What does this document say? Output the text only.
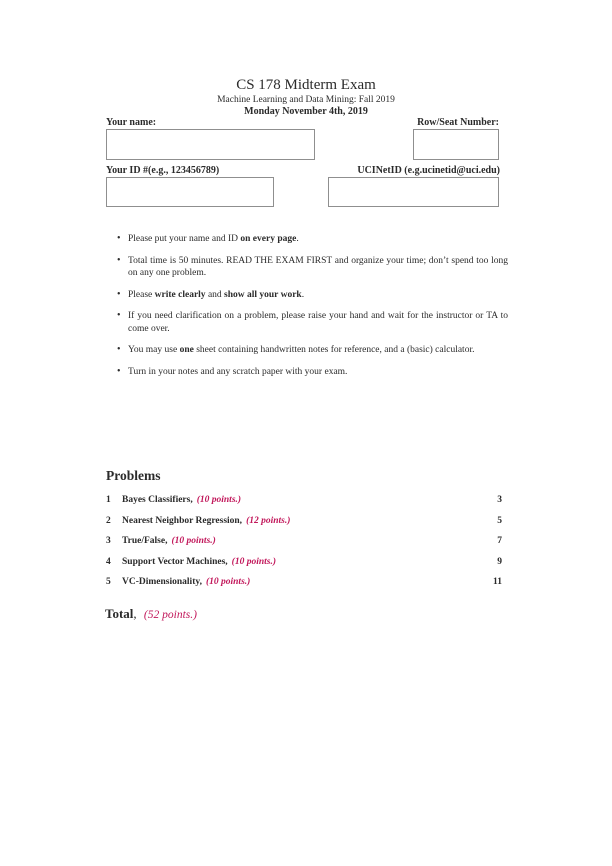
CS 178 Midterm Exam
Machine Learning and Data Mining: Fall 2019
Monday November 4th, 2019
Your name:	Row/Seat Number:
Your ID #(e.g., 123456789)	UCINetID (e.g.ucinetid@uci.edu)
•
Please put your name and ID on every page.
•
Total time is 50 minutes. READ THE EXAM FIRST and organize your time; don’t spend too long on any one problem.
•
Please write clearly and show all your work.
•
If you need clarification on a problem, please raise your hand and wait for the instructor or TA to come over.
•
You may use one sheet containing handwritten notes for reference, and a (basic) calculator.
•
Turn in your notes and any scratch paper with your exam.
Problems
1	Bayes Classifiers, (10 points.)	3
2	Nearest Neighbor Regression, (12 points.)	5
3	True/False, (10 points.)	7
4	Support Vector Machines, (10 points.)	9
5	VC-Dimensionality, (10 points.)	11
Total, (52 points.)
